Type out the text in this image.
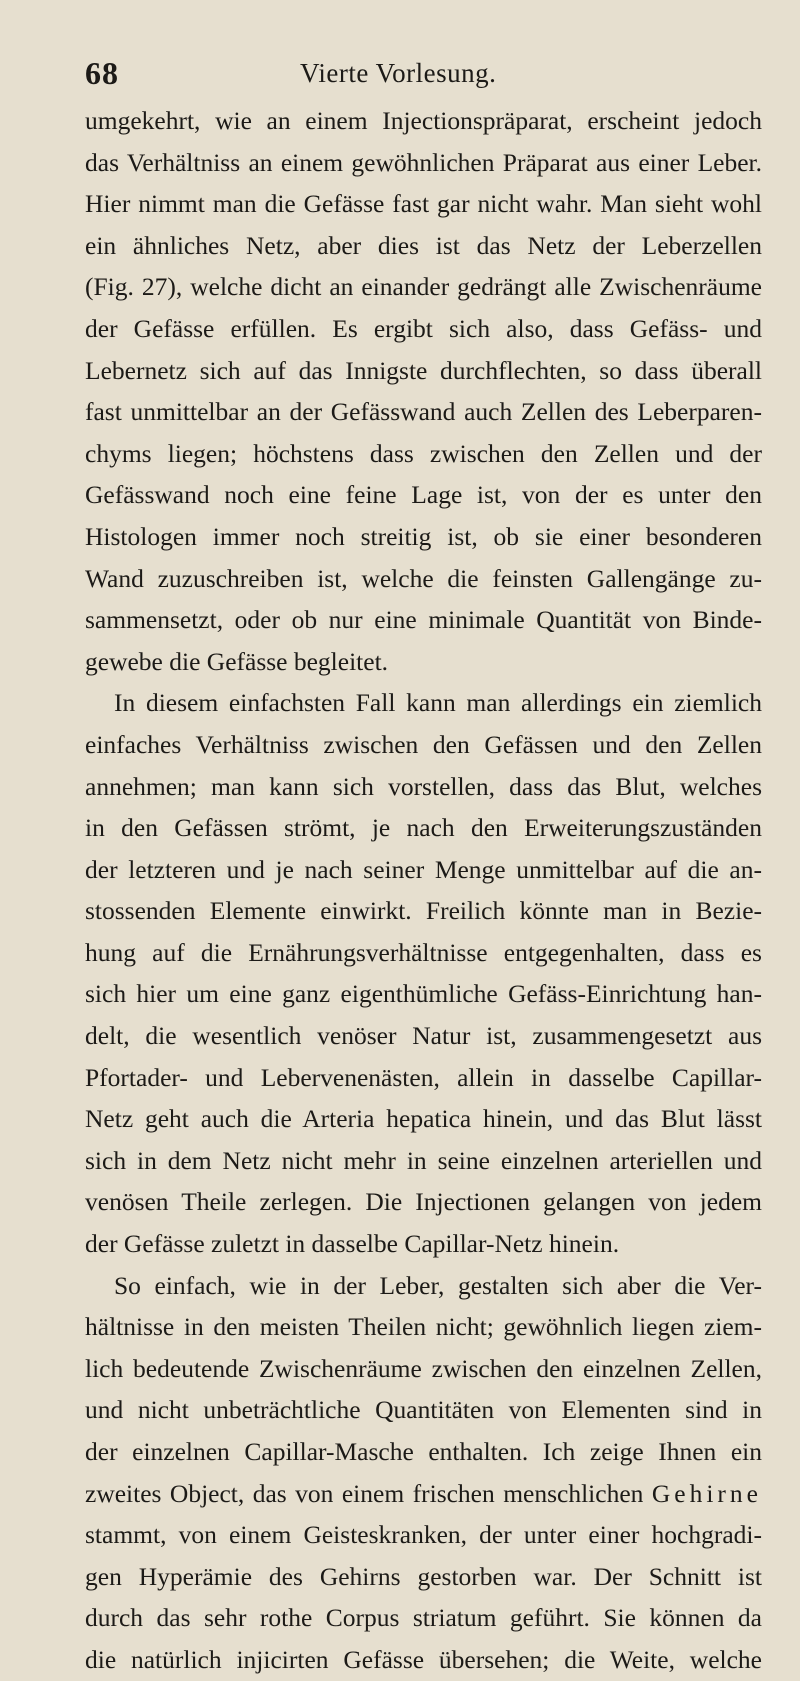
68	Vierte Vorlesung.
umgekehrt, wie an einem Injectionspräparat, erscheint jedoch
das Verhältniss an einem gewöhnlichen Präparat aus einer Leber.
Hier nimmt man die Gefässe fast gar nicht wahr. Man sieht wohl
ein ähnliches Netz, aber dies ist das Netz der Leberzellen
(Fig. 27), welche dicht an einander gedrängt alle Zwischenräume
der Gefässe erfüllen. Es ergibt sich also, dass Gefäss- und
Lebernetz sich auf das Innigste durchflechten, so dass überall
fast unmittelbar an der Gefässwand auch Zellen des Leberparen-
chyms liegen; höchstens dass zwischen den Zellen und der
Gefässwand noch eine feine Lage ist, von der es unter den
Histologen immer noch streitig ist, ob sie einer besonderen
Wand zuzuschreiben ist, welche die feinsten Gallengänge zu-
sammensetzt, oder ob nur eine minimale Quantität von Binde-
gewebe die Gefässe begleitet.
In diesem einfachsten Fall kann man allerdings ein ziemlich
einfaches Verhältniss zwischen den Gefässen und den Zellen
annehmen; man kann sich vorstellen, dass das Blut, welches
in den Gefässen strömt, je nach den Erweiterungszuständen
der letzteren und je nach seiner Menge unmittelbar auf die an-
stossenden Elemente einwirkt. Freilich könnte man in Bezie-
hung auf die Ernährungsverhältnisse entgegenhalten, dass es
sich hier um eine ganz eigenthümliche Gefäss-Einrichtung han-
delt, die wesentlich venöser Natur ist, zusammengesetzt aus
Pfortader- und Lebervenenästen, allein in dasselbe Capillar-
Netz geht auch die Arteria hepatica hinein, und das Blut lässt
sich in dem Netz nicht mehr in seine einzelnen arteriellen und
venösen Theile zerlegen. Die Injectionen gelangen von jedem
der Gefässe zuletzt in dasselbe Capillar-Netz hinein.
So einfach, wie in der Leber, gestalten sich aber die Ver-
hältnisse in den meisten Theilen nicht; gewöhnlich liegen ziem-
lich bedeutende Zwischenräume zwischen den einzelnen Zellen,
und nicht unbeträchtliche Quantitäten von Elementen sind in
der einzelnen Capillar-Masche enthalten. Ich zeige Ihnen ein
zweites Object, das von einem frischen menschlichen Gehirne
stammt, von einem Geisteskranken, der unter einer hochgradi-
gen Hyperämie des Gehirns gestorben war. Der Schnitt ist
durch das sehr rothe Corpus striatum geführt. Sie können da
die natürlich injicirten Gefässe übersehen; die Weite, welche
